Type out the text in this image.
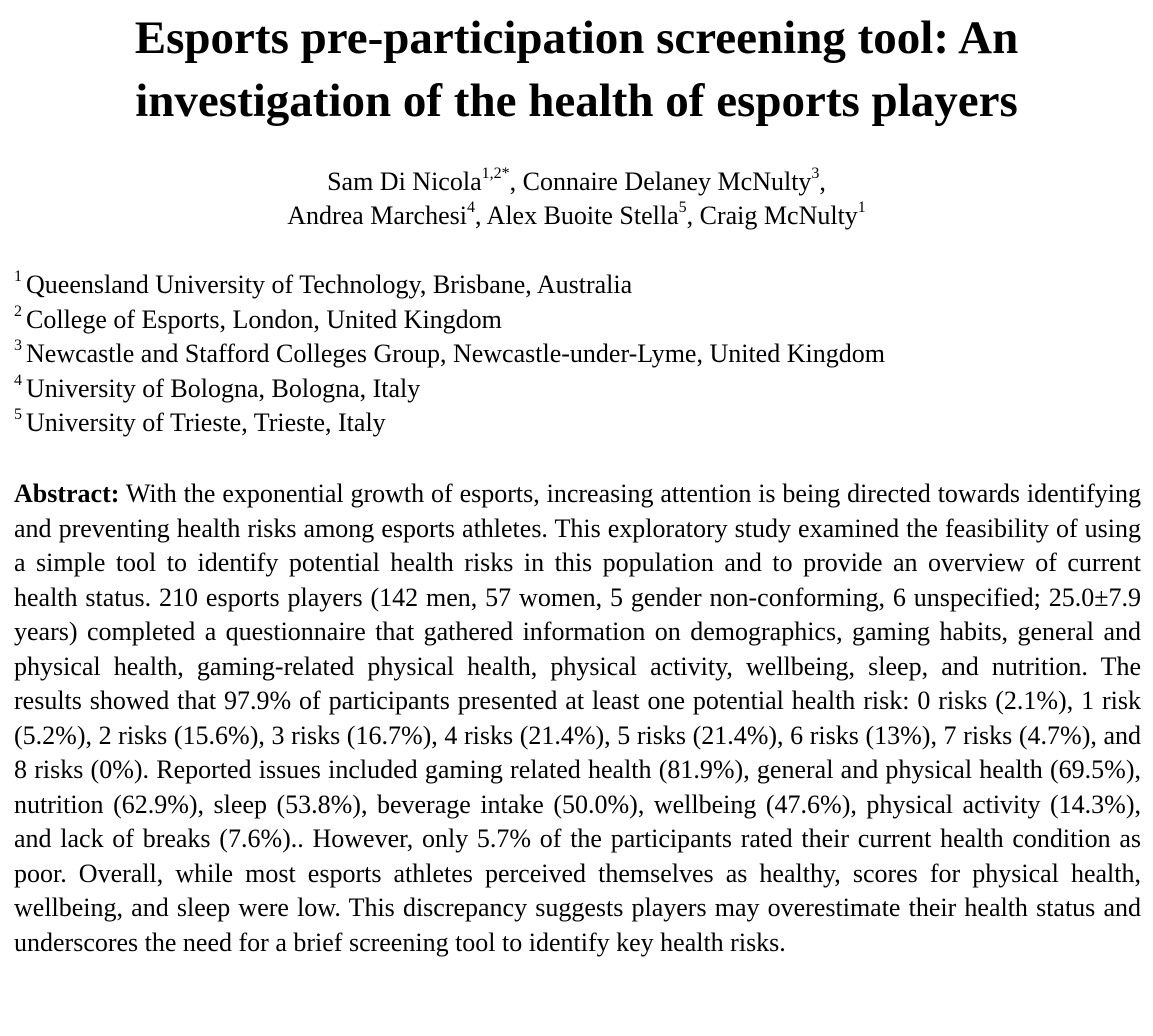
Esports pre-participation screening tool: An
investigation of the health of esports players
Sam Di Nicola$^{1,2*}$, Connaire Delaney McNulty$^3$,
Andrea Marchesi$^4$, Alex Buoite Stella$^5$, Craig McNulty$^1$
$^1$ Queensland University of Technology, Brisbane, Australia
$^2$ College of Esports, London, United Kingdom
$^3$ Newcastle and Stafford Colleges Group, Newcastle-under-Lyme, United Kingdom
$^4$ University of Bologna, Bologna, Italy
$^5$ University of Trieste, Trieste, Italy

Abstract: With the exponential growth of esports, increasing attention is being directed towards identifying and preventing health risks among esports athletes. This exploratory study examined the feasibility of using a simple tool to identify potential health risks in this population and to provide an overview of current health status. 210 esports players (142 men, 57 women, 5 gender non-conforming, 6 unspecified; 25.0±7.9 years) completed a questionnaire that gathered information on demographics, gaming habits, general and physical health, gaming-related physical health, physical activity, wellbeing, sleep, and nutrition. The results showed that 97.9% of participants presented at least one potential health risk: 0 risks (2.1%), 1 risk (5.2%), 2 risks (15.6%), 3 risks (16.7%), 4 risks (21.4%), 5 risks (21.4%), 6 risks (13%), 7 risks (4.7%), and 8 risks (0%). Reported issues included gaming related health (81.9%), general and physical health (69.5%), nutrition (62.9%), sleep (53.8%), beverage intake (50.0%), wellbeing (47.6%), physical activity (14.3%), and lack of breaks (7.6%).. However, only 5.7% of the participants rated their current health condition as poor. Overall, while most esports athletes perceived themselves as healthy, scores for physical health, wellbeing, and sleep were low. This discrepancy suggests players may overestimate their health status and underscores the need for a brief screening tool to identify key health risks.
